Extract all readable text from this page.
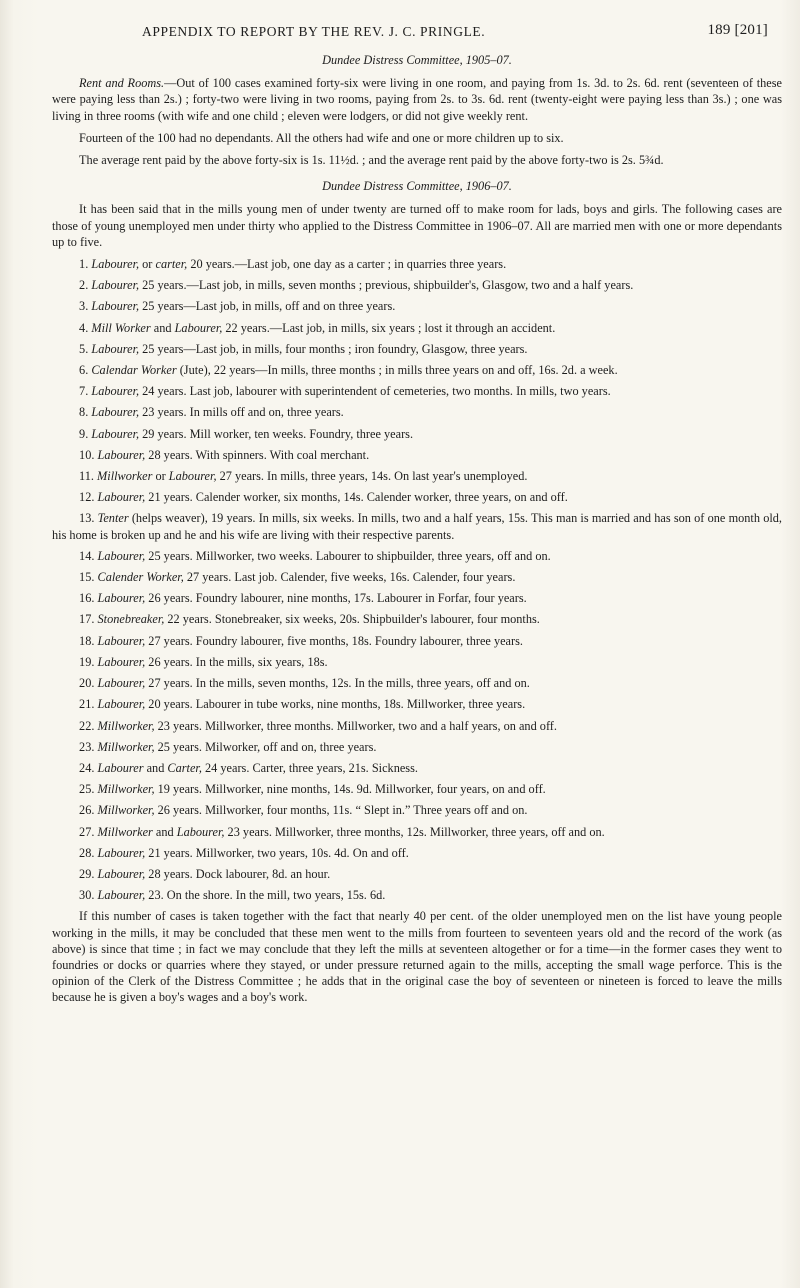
APPENDIX TO REPORT BY THE REV. J. C. PRINGLE.	189 [201]

Dundee Distress Committee, 1905–07.

Rent and Rooms.—Out of 100 cases examined forty-six were living in one room, and paying from 1s. 3d. to 2s. 6d. rent (seventeen of these were paying less than 2s.) ; forty-two were living in two rooms, paying from 2s. to 3s. 6d. rent (twenty-eight were paying less than 3s.) ; one was living in three rooms (with wife and one child ; eleven were lodgers, or did not give weekly rent.

Fourteen of the 100 had no dependants. All the others had wife and one or more children up to six.

The average rent paid by the above forty-six is 1s. 11½d. ; and the average rent paid by the above forty-two is 2s. 5¾d.

Dundee Distress Committee, 1906–07.

It has been said that in the mills young men of under twenty are turned off to make room for lads, boys and girls. The following cases are those of young unemployed men under thirty who applied to the Distress Committee in 1906–07. All are married men with one or more dependants up to five.

1. Labourer, or carter, 20 years.—Last job, one day as a carter ; in quarries three years.

2. Labourer, 25 years.—Last job, in mills, seven months ; previous, shipbuilder's, Glasgow, two and a half years.

3. Labourer, 25 years—Last job, in mills, off and on three years.

4. Mill Worker and Labourer, 22 years.—Last job, in mills, six years ; lost it through an accident.

5. Labourer, 25 years—Last job, in mills, four months ; iron foundry, Glasgow, three years.

6. Calendar Worker (Jute), 22 years—In mills, three months ; in mills three years on and off, 16s. 2d. a week.

7. Labourer, 24 years. Last job, labourer with superintendent of cemeteries, two months. In mills, two years.

8. Labourer, 23 years. In mills off and on, three years.

9. Labourer, 29 years. Mill worker, ten weeks. Foundry, three years.

10. Labourer, 28 years. With spinners. With coal merchant.

11. Millworker or Labourer, 27 years. In mills, three years, 14s. On last year's unemployed.

12. Labourer, 21 years. Calender worker, six months, 14s. Calender worker, three years, on and off.

13. Tenter (helps weaver), 19 years. In mills, six weeks. In mills, two and a half years, 15s. This man is married and has son of one month old, his home is broken up and he and his wife are living with their respective parents.

14. Labourer, 25 years. Millworker, two weeks. Labourer to shipbuilder, three years, off and on.

15. Calender Worker, 27 years. Last job. Calender, five weeks, 16s. Calender, four years.

16. Labourer, 26 years. Foundry labourer, nine months, 17s. Labourer in Forfar, four years.

17. Stonebreaker, 22 years. Stonebreaker, six weeks, 20s. Shipbuilder's labourer, four months.

18. Labourer, 27 years. Foundry labourer, five months, 18s. Foundry labourer, three years.

19. Labourer, 26 years. In the mills, six years, 18s.

20. Labourer, 27 years. In the mills, seven months, 12s. In the mills, three years, off and on.

21. Labourer, 20 years. Labourer in tube works, nine months, 18s. Millworker, three years.

22. Millworker, 23 years. Millworker, three months. Millworker, two and a half years, on and off.

23. Millworker, 25 years. Milworker, off and on, three years.

24. Labourer and Carter, 24 years. Carter, three years, 21s. Sickness.

25. Millworker, 19 years. Millworker, nine months, 14s. 9d. Millworker, four years, on and off.

26. Millworker, 26 years. Millworker, four months, 11s. “ Slept in.” Three years off and on.

27. Millworker and Labourer, 23 years. Millworker, three months, 12s. Millworker, three years, off and on.

28. Labourer, 21 years. Millworker, two years, 10s. 4d. On and off.

29. Labourer, 28 years. Dock labourer, 8d. an hour.

30. Labourer, 23. On the shore. In the mill, two years, 15s. 6d.

If this number of cases is taken together with the fact that nearly 40 per cent. of the older unemployed men on the list have young people working in the mills, it may be concluded that these men went to the mills from fourteen to seventeen years old and the record of the work (as above) is since that time ; in fact we may conclude that they left the mills at seventeen altogether or for a time—in the former cases they went to foundries or docks or quarries where they stayed, or under pressure returned again to the mills, accepting the small wage perforce. This is the opinion of the Clerk of the Distress Committee ; he adds that in the original case the boy of seventeen or nineteen is forced to leave the mills because he is given a boy's wages and a boy's work.
